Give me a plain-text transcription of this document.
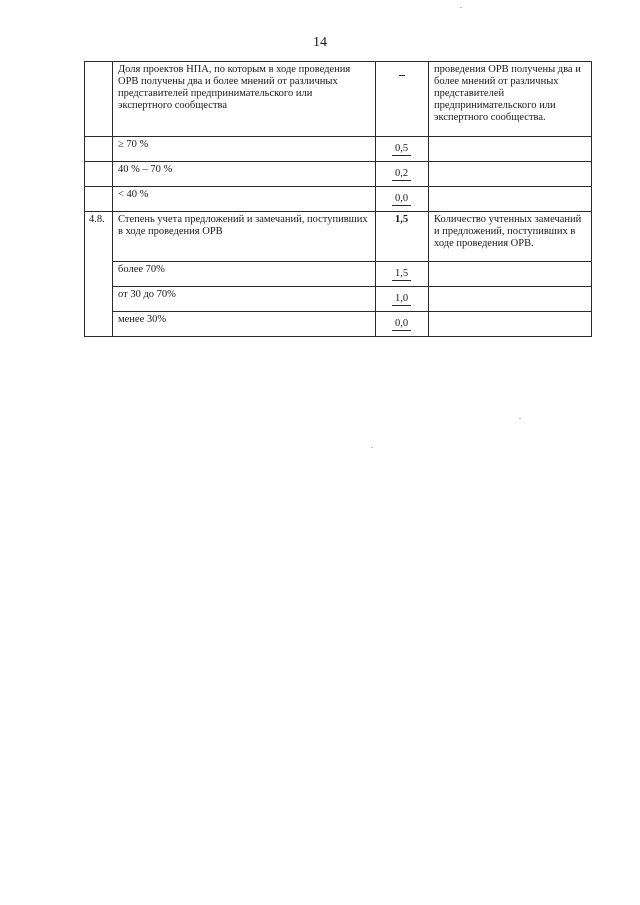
14
	Доля проектов НПА, по которым в ходе проведения ОРВ получены два и более мнений от различных представителей предпринимательского или экспертного сообщества		проведения ОРВ получены два и более мнений от различных представителей предпринимательского или экспертного сообщества.
	≥ 70 %	0,5	
	40 % – 70 %	0,2	
	< 40 %	0,0	
4.8.	Степень учета предложений и замечаний, поступивших в ходе проведения ОРВ	1,5	Количество учтенных замечаний и предложений, поступивших в ходе проведения ОРВ.
	более 70%	1,5	
	от 30 до 70%	1,0	
	менее 30%	0,0	
